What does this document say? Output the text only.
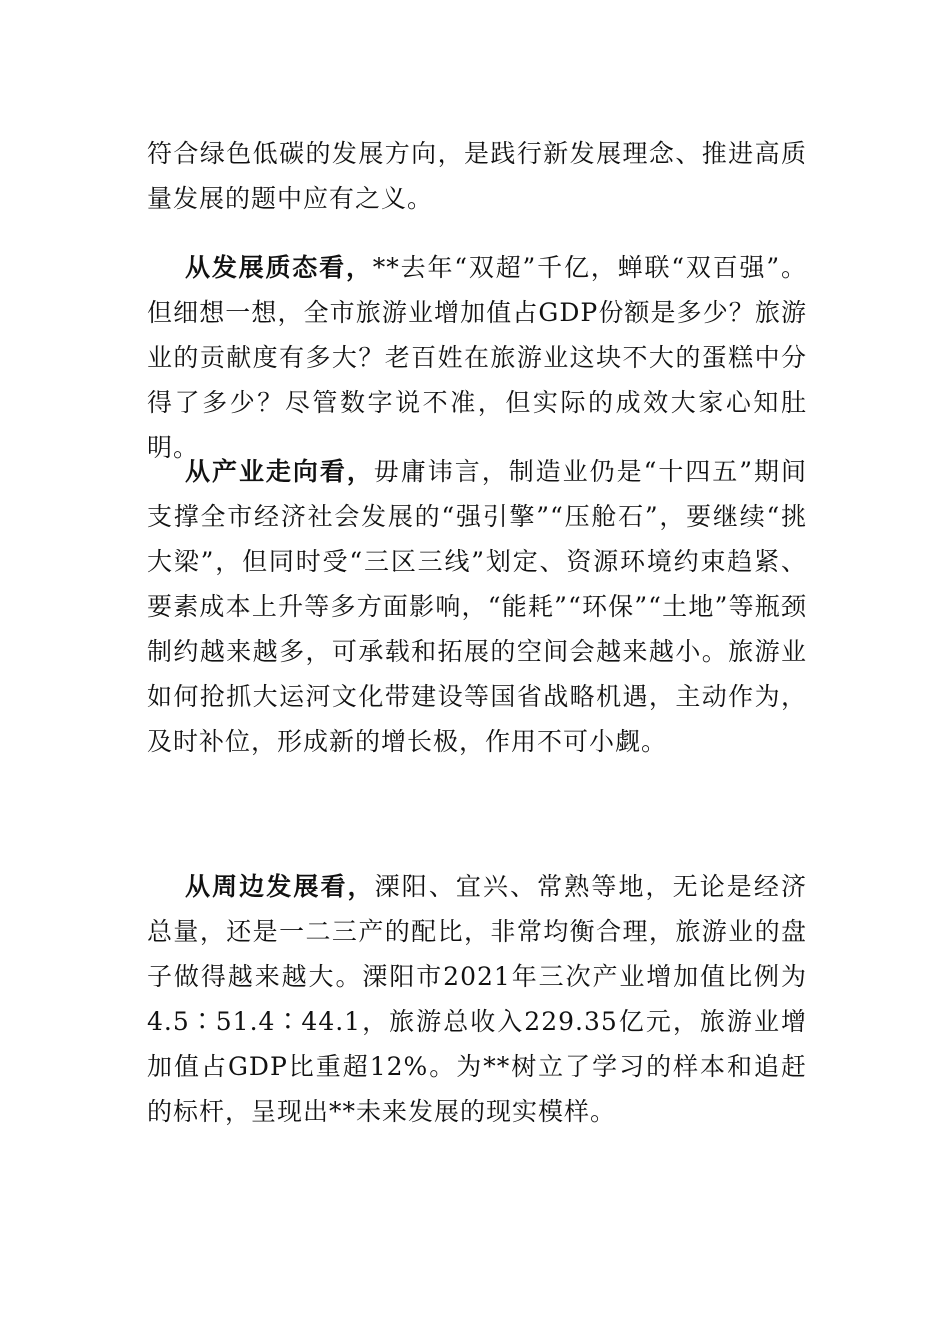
符合绿色低碳的发展方向，是践行新发展理念、推进高质量发展的题中应有之义。

从发展质态看，**去年“双超”千亿，蝉联“双百强”。但细想一想，全市旅游业增加值占GDP份额是多少？旅游业的贡献度有多大？老百姓在旅游业这块不大的蛋糕中分得了多少？尽管数字说不准，但实际的成效大家心知肚明。

从产业走向看，毋庸讳言，制造业仍是“十四五”期间支撑全市经济社会发展的“强引擎”“压舱石”，要继续“挑大梁”，但同时受“三区三线”划定、资源环境约束趋紧、要素成本上升等多方面影响，“能耗”“环保”“土地”等瓶颈制约越来越多，可承载和拓展的空间会越来越小。旅游业如何抢抓大运河文化带建设等国省战略机遇，主动作为，及时补位，形成新的增长极，作用不可小觑。

从周边发展看，溧阳、宜兴、常熟等地，无论是经济总量，还是一二三产的配比，非常均衡合理，旅游业的盘子做得越来越大。溧阳市2021年三次产业增加值比例为4.5∶51.4∶44.1，旅游总收入229.35亿元，旅游业增加值占GDP比重超12%。为**树立了学习的样本和追赶的标杆，呈现出**未来发展的现实模样。
